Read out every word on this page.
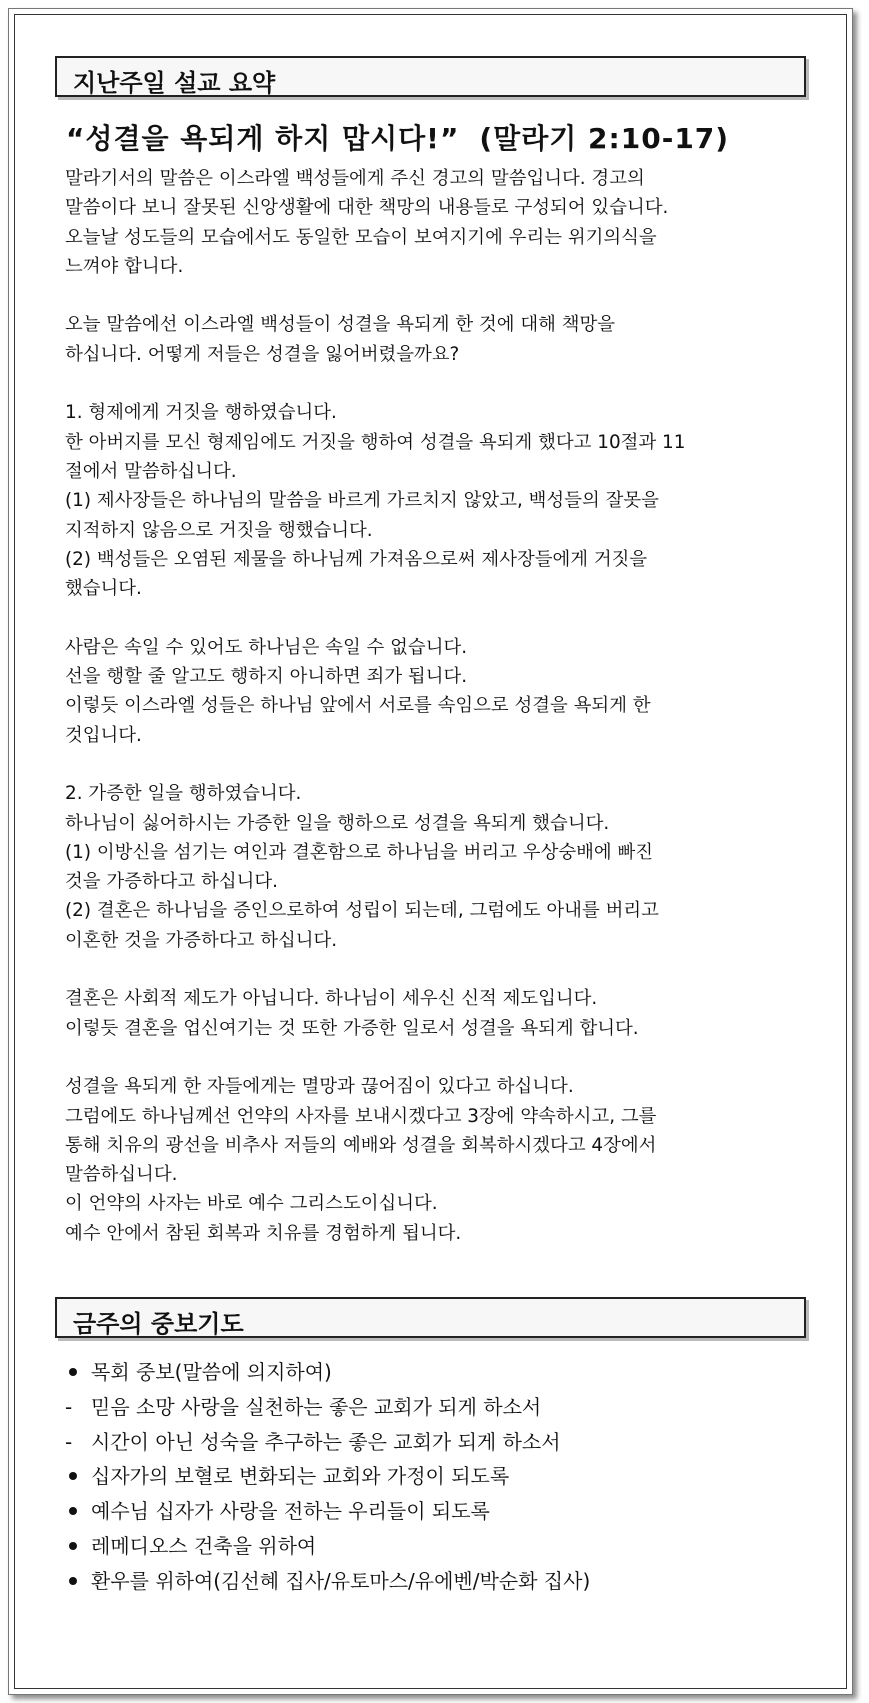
지난주일 설교 요약
“성결을 욕되게 하지 맙시다!” (말라기 2:10-17)

말라기서의 말씀은 이스라엘 백성들에게 주신 경고의 말씀입니다. 경고의

말씀이다 보니 잘못된 신앙생활에 대한 책망의 내용들로 구성되어 있습니다.

오늘날 성도들의 모습에서도 동일한 모습이 보여지기에 우리는 위기의식을

느껴야 합니다.

오늘 말씀에선 이스라엘 백성들이 성결을 욕되게 한 것에 대해 책망을

하십니다. 어떻게 저들은 성결을 잃어버렸을까요?

1. 형제에게 거짓을 행하였습니다.

한 아버지를 모신 형제임에도 거짓을 행하여 성결을 욕되게 했다고 10절과 11

절에서 말씀하십니다.

(1) 제사장들은 하나님의 말씀을 바르게 가르치지 않았고, 백성들의 잘못을

지적하지 않음으로 거짓을 행했습니다.

(2) 백성들은 오염된 제물을 하나님께 가져옴으로써 제사장들에게 거짓을

했습니다.

사람은 속일 수 있어도 하나님은 속일 수 없습니다.

선을 행할 줄 알고도 행하지 아니하면 죄가 됩니다.

이렇듯 이스라엘 성들은 하나님 앞에서 서로를 속임으로 성결을 욕되게 한

것입니다.

2. 가증한 일을 행하였습니다.

하나님이 싫어하시는 가증한 일을 행하으로 성결을 욕되게 했습니다.

(1) 이방신을 섬기는 여인과 결혼함으로 하나님을 버리고 우상숭배에 빠진

것을 가증하다고 하십니다.

(2) 결혼은 하나님을 증인으로하여 성립이 되는데, 그럼에도 아내를 버리고

이혼한 것을 가증하다고 하십니다.

결혼은 사회적 제도가 아닙니다. 하나님이 세우신 신적 제도입니다.

이렇듯 결혼을 업신여기는 것 또한 가증한 일로서 성결을 욕되게 합니다.

성결을 욕되게 한 자들에게는 멸망과 끊어짐이 있다고 하십니다.

그럼에도 하나님께선 언약의 사자를 보내시겠다고 3장에 약속하시고, 그를

통해 치유의 광선을 비추사 저들의 예배와 성결을 회복하시겠다고 4장에서

말씀하십니다.

이 언약의 사자는 바로 예수 그리스도이십니다.

예수 안에서 참된 회복과 치유를 경험하게 됩니다.

금주의 중보기도
목회 중보(말씀에 의지하여)
- 믿음 소망 사랑을 실천하는 좋은 교회가 되게 하소서
- 시간이 아닌 성숙을 추구하는 좋은 교회가 되게 하소서
십자가의 보혈로 변화되는 교회와 가정이 되도록
예수님 십자가 사랑을 전하는 우리들이 되도록
레메디오스 건축을 위하여
환우를 위하여(김선혜 집사/유토마스/유에벤/박순화 집사)
